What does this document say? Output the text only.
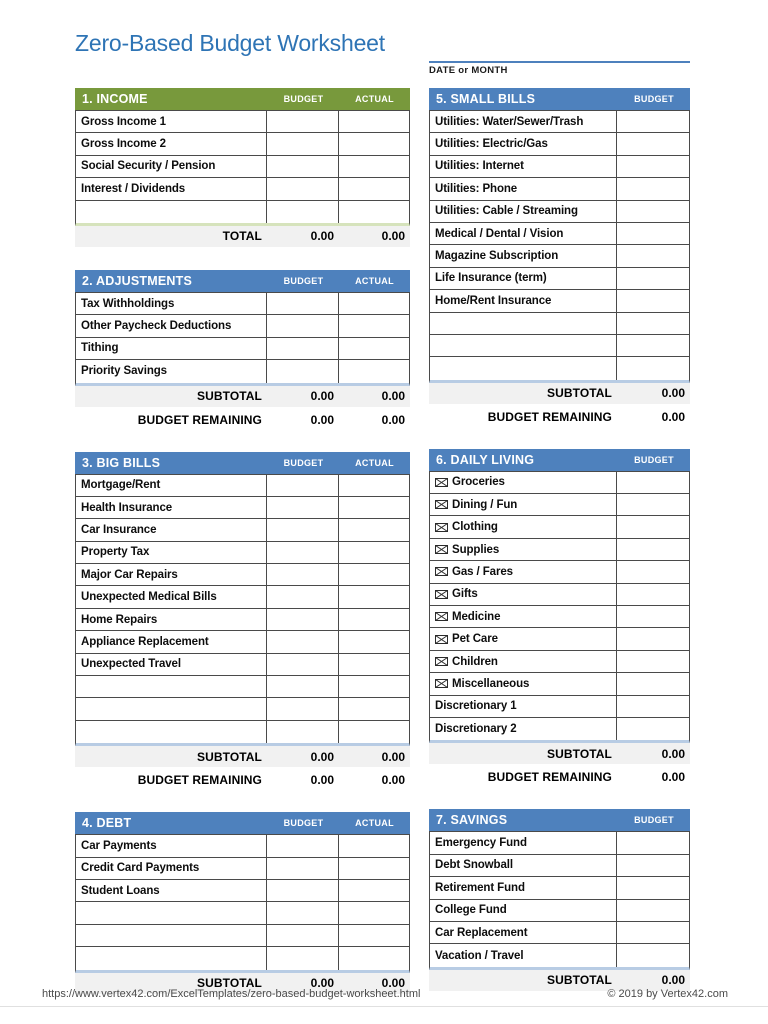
Zero-Based Budget Worksheet
DATE or MONTH
1. INCOME	BUDGET	ACTUAL
Gross Income 1
Gross Income 2
Social Security / Pension
Interest / Dividends
TOTAL	0.00	0.00
2. ADJUSTMENTS	BUDGET	ACTUAL
Tax Withholdings
Other Paycheck Deductions
Tithing
Priority Savings
SUBTOTAL	0.00	0.00
BUDGET REMAINING	0.00	0.00
3. BIG BILLS	BUDGET	ACTUAL
Mortgage/Rent
Health Insurance
Car Insurance
Property Tax
Major Car Repairs
Unexpected Medical Bills
Home Repairs
Appliance Replacement
Unexpected Travel
SUBTOTAL	0.00	0.00
BUDGET REMAINING	0.00	0.00
4. DEBT	BUDGET	ACTUAL
Car Payments
Credit Card Payments
Student Loans
SUBTOTAL	0.00	0.00
5. SMALL BILLS	BUDGET
Utilities: Water/Sewer/Trash
Utilities: Electric/Gas
Utilities: Internet
Utilities: Phone
Utilities: Cable / Streaming
Medical / Dental / Vision
Magazine Subscription
Life Insurance (term)
Home/Rent Insurance
SUBTOTAL	0.00
BUDGET REMAINING	0.00
6. DAILY LIVING	BUDGET
Groceries
Dining / Fun
Clothing
Supplies
Gas / Fares
Gifts
Medicine
Pet Care
Children
Miscellaneous
Discretionary 1
Discretionary 2
SUBTOTAL	0.00
BUDGET REMAINING	0.00
7. SAVINGS	BUDGET
Emergency Fund
Debt Snowball
Retirement Fund
College Fund
Car Replacement
Vacation / Travel
SUBTOTAL	0.00
https://www.vertex42.com/ExcelTemplates/zero-based-budget-worksheet.html	© 2019 by Vertex42.com
